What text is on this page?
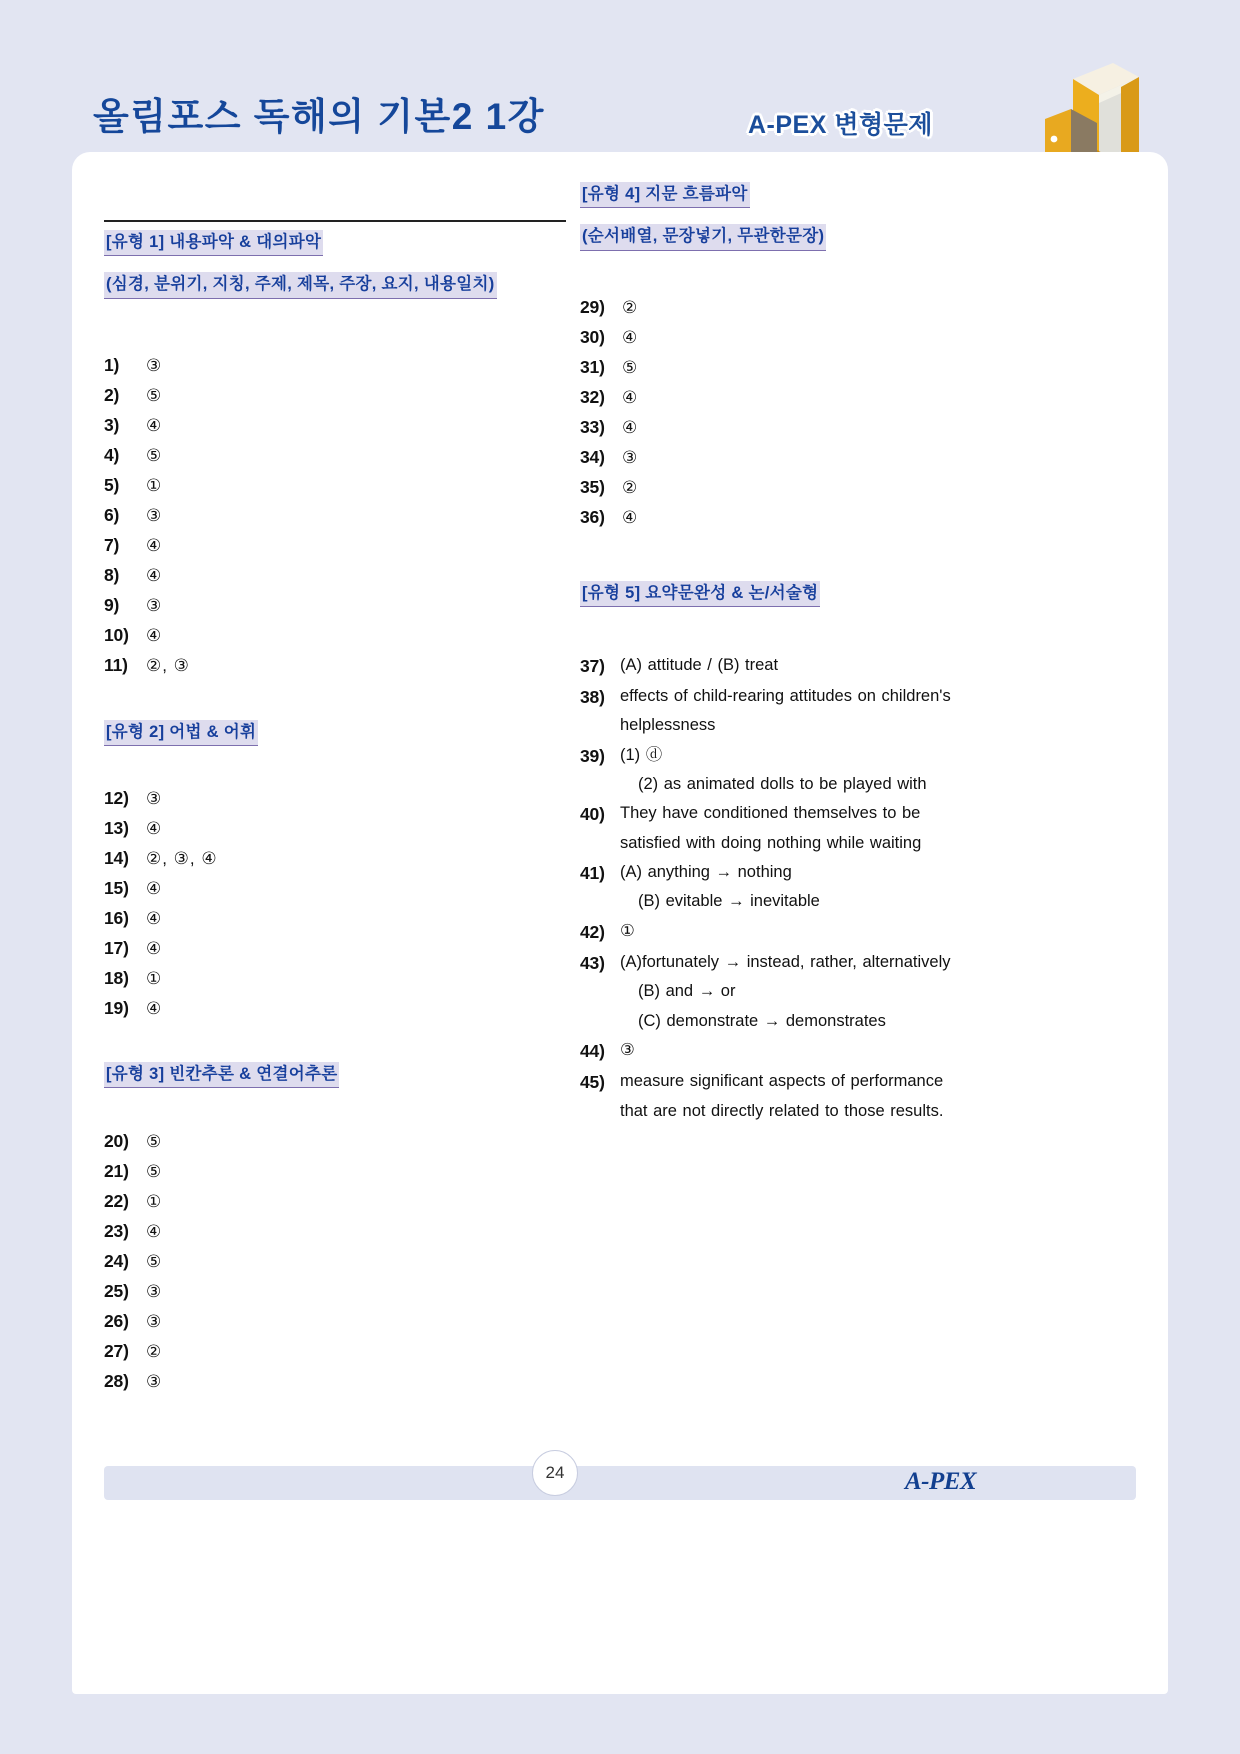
올림포스 독해의 기본2 1강	A-PEX 변형문제
[유형 1] 내용파악 & 대의파악
(심경, 분위기, 지칭, 주제, 제목, 주장, 요지, 내용일치)
1)	③
2)	⑤
3)	④
4)	⑤
5)	①
6)	③
7)	④
8)	④
9)	③
10)	④
11)	②, ③
[유형 2] 어법 & 어휘
12)	③
13)	④
14)	②, ③, ④
15)	④
16)	④
17)	④
18)	①
19)	④
[유형 3] 빈칸추론 & 연결어추론
20)	⑤
21)	⑤
22)	①
23)	④
24)	⑤
25)	③
26)	③
27)	②
28)	③
[유형 4] 지문 흐름파악
(순서배열, 문장넣기, 무관한문장)
29)	②
30)	④
31)	⑤
32)	④
33)	④
34)	③
35)	②
36)	④
[유형 5] 요약문완성 & 논/서술형
37) (A) attitude / (B) treat
38) effects of child-rearing attitudes on children's
helplessness
39) (1) ⓓ
(2) as animated dolls to be played with
40) They have conditioned themselves to be
satisfied with doing nothing while waiting
41) (A) anything → nothing
(B) evitable → inevitable
42) ①
43) (A)fortunately → instead, rather, alternatively
(B) and → or
(C) demonstrate → demonstrates
44) ③
45) measure significant aspects of performance
that are not directly related to those results.
24	A-PEX
